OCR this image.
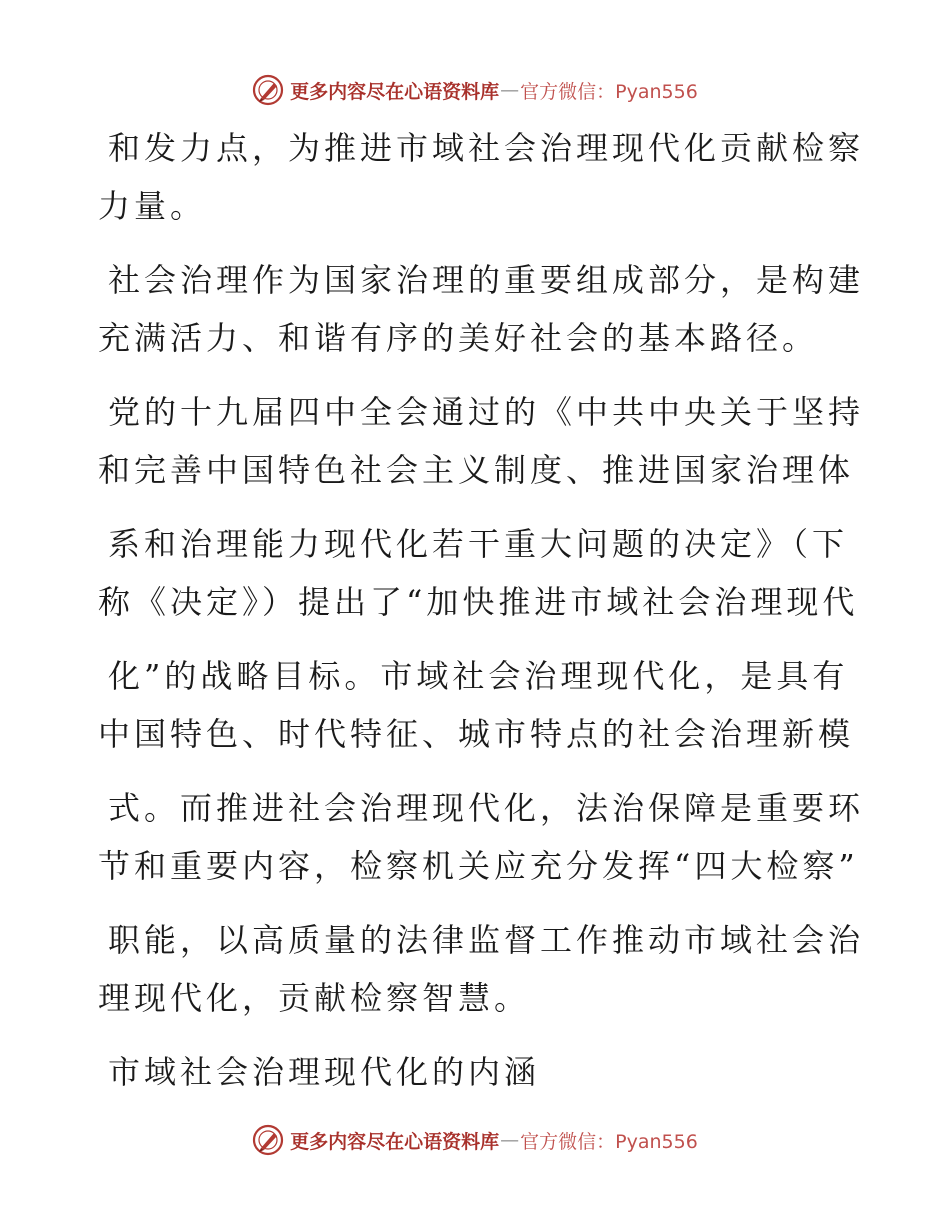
更多内容尽在心语资料库 — 官方微信：Pyan556
和发力点，为推进市域社会治理现代化贡献检察
力量。
社会治理作为国家治理的重要组成部分，是构建
充满活力、和谐有序的美好社会的基本路径。
党的十九届四中全会通过的《中共中央关于坚持
和完善中国特色社会主义制度、推进国家治理体
系和治理能力现代化若干重大问题的决定》（下
称《决定》）提出了“加快推进市域社会治理现代
化”的战略目标。市域社会治理现代化，是具有
中国特色、时代特征、城市特点的社会治理新模
式。而推进社会治理现代化，法治保障是重要环
节和重要内容，检察机关应充分发挥“四大检察”
职能，以高质量的法律监督工作推动市域社会治
理现代化，贡献检察智慧。
市域社会治理现代化的内涵
更多内容尽在心语资料库 — 官方微信：Pyan556
